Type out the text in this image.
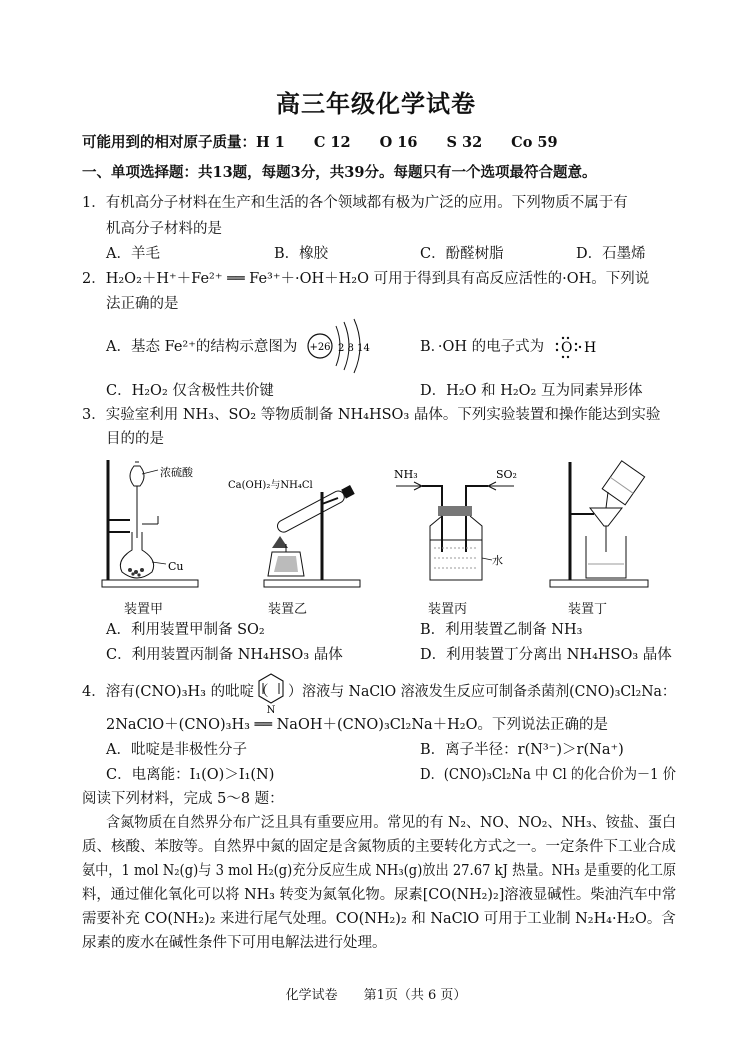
高三年级化学试卷
可能用到的相对原子质量：H 1　　C 12　　O 16　　S 32　　Co 59
一、单项选择题：共13题，每题3分，共39分。每题只有一个选项最符合题意。
1．有机高分子材料在生产和生活的各个领域都有极为广泛的应用。下列物质不属于有
机高分子材料的是
A．羊毛	B．橡胶	C．酚醛树脂	D．石墨烯
2．H₂O₂＋H⁺＋Fe²⁺ ══ Fe³⁺＋·OH＋H₂O 可用于得到具有高反应活性的·OH。下列说
法正确的是
A．基态 Fe²⁺的结构示意图为 +26 2 8 14	B．·OH 的电子式为 O H
C．H₂O₂ 仅含极性共价键	D．H₂O 和 H₂O₂ 互为同素异形体
3．实验室利用 NH₃、SO₂ 等物质制备 NH₄HSO₃ 晶体。下列实验装置和操作能达到实验
目的的是
浓硫酸
Cu
Ca(OH)₂与NH₄Cl
NH₃	SO₂
水
装置甲	装置乙	装置丙	装置丁
A．利用装置甲制备 SO₂	B．利用装置乙制备 NH₃
C．利用装置丙制备 NH₄HSO₃ 晶体	D．利用装置丁分离出 NH₄HSO₃ 晶体
4．溶有(CNO)₃H₃ 的吡啶（
N
）溶液与 NaClO 溶液发生反应可制备杀菌剂(CNO)₃Cl₂Na：
2NaClO＋(CNO)₃H₃ ══ NaOH＋(CNO)₃Cl₂Na＋H₂O。下列说法正确的是
A．吡啶是非极性分子	B．离子半径：r(N³⁻)＞r(Na⁺)
C．电离能：I₁(O)＞I₁(N)	D．(CNO)₃Cl₂Na 中 Cl 的化合价为－1 价
阅读下列材料，完成 5～8 题：
含氮物质在自然界分布广泛且具有重要应用。常见的有 N₂、NO、NO₂、NH₃、铵盐、蛋白
质、核酸、苯胺等。自然界中氮的固定是含氮物质的主要转化方式之一。一定条件下工业合成
氨中，1 mol N₂(g)与 3 mol H₂(g)充分反应生成 NH₃(g)放出 27.67 kJ 热量。NH₃ 是重要的化工原
料，通过催化氧化可以将 NH₃ 转变为氮氧化物。尿素[CO(NH₂)₂]溶液显碱性。柴油汽车中常
需要补充 CO(NH₂)₂ 来进行尾气处理。CO(NH₂)₂ 和 NaClO 可用于工业制 N₂H₄·H₂O。含
尿素的废水在碱性条件下可用电解法进行处理。
化学试卷　　第1页（共 6 页）
